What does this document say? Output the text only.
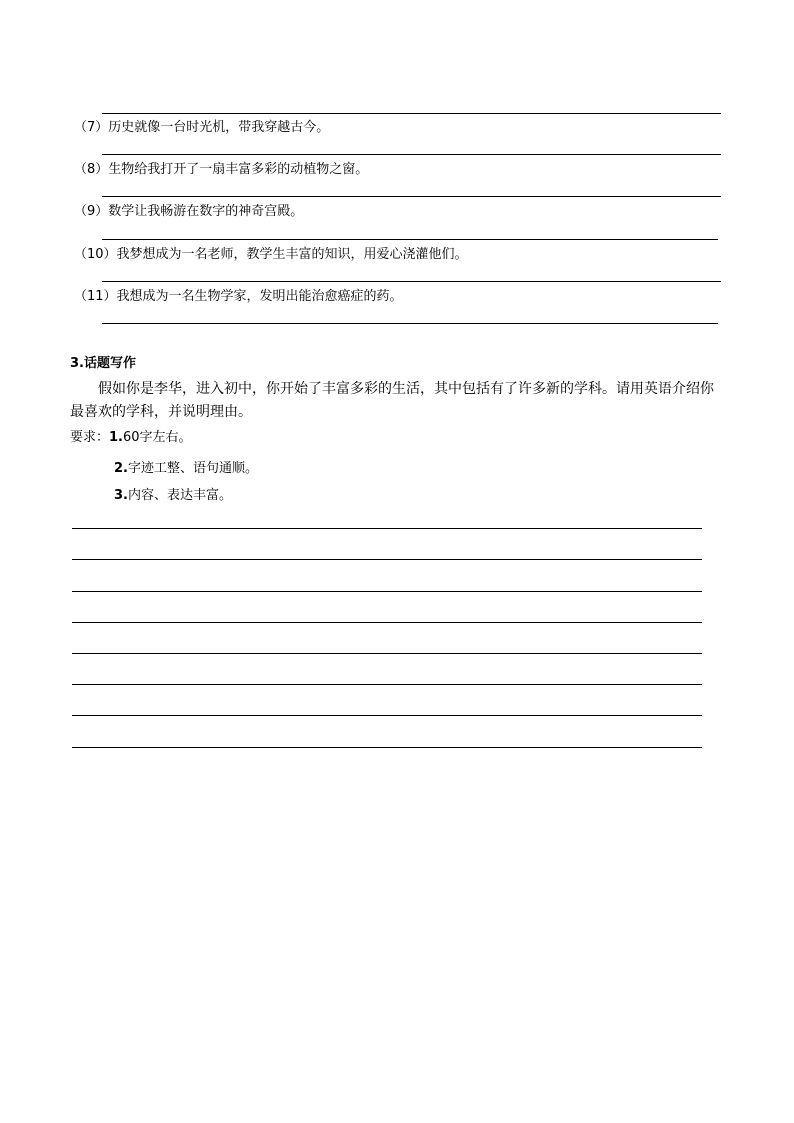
（7）历史就像一台时光机，带我穿越古今。
（8）生物给我打开了一扇丰富多彩的动植物之窗。
（9）数学让我畅游在数字的神奇宫殿。
（10）我梦想成为一名老师，教学生丰富的知识，用爱心浇灌他们。
（11）我想成为一名生物学家，发明出能治愈癌症的药。
3.话题写作
假如你是李华，进入初中，你开始了丰富多彩的生活，其中包括有了许多新的学科。请用英语介绍你最喜欢的学科，并说明理由。
要求：1.60字左右。
2.字迹工整、语句通顺。
3.内容、表达丰富。
